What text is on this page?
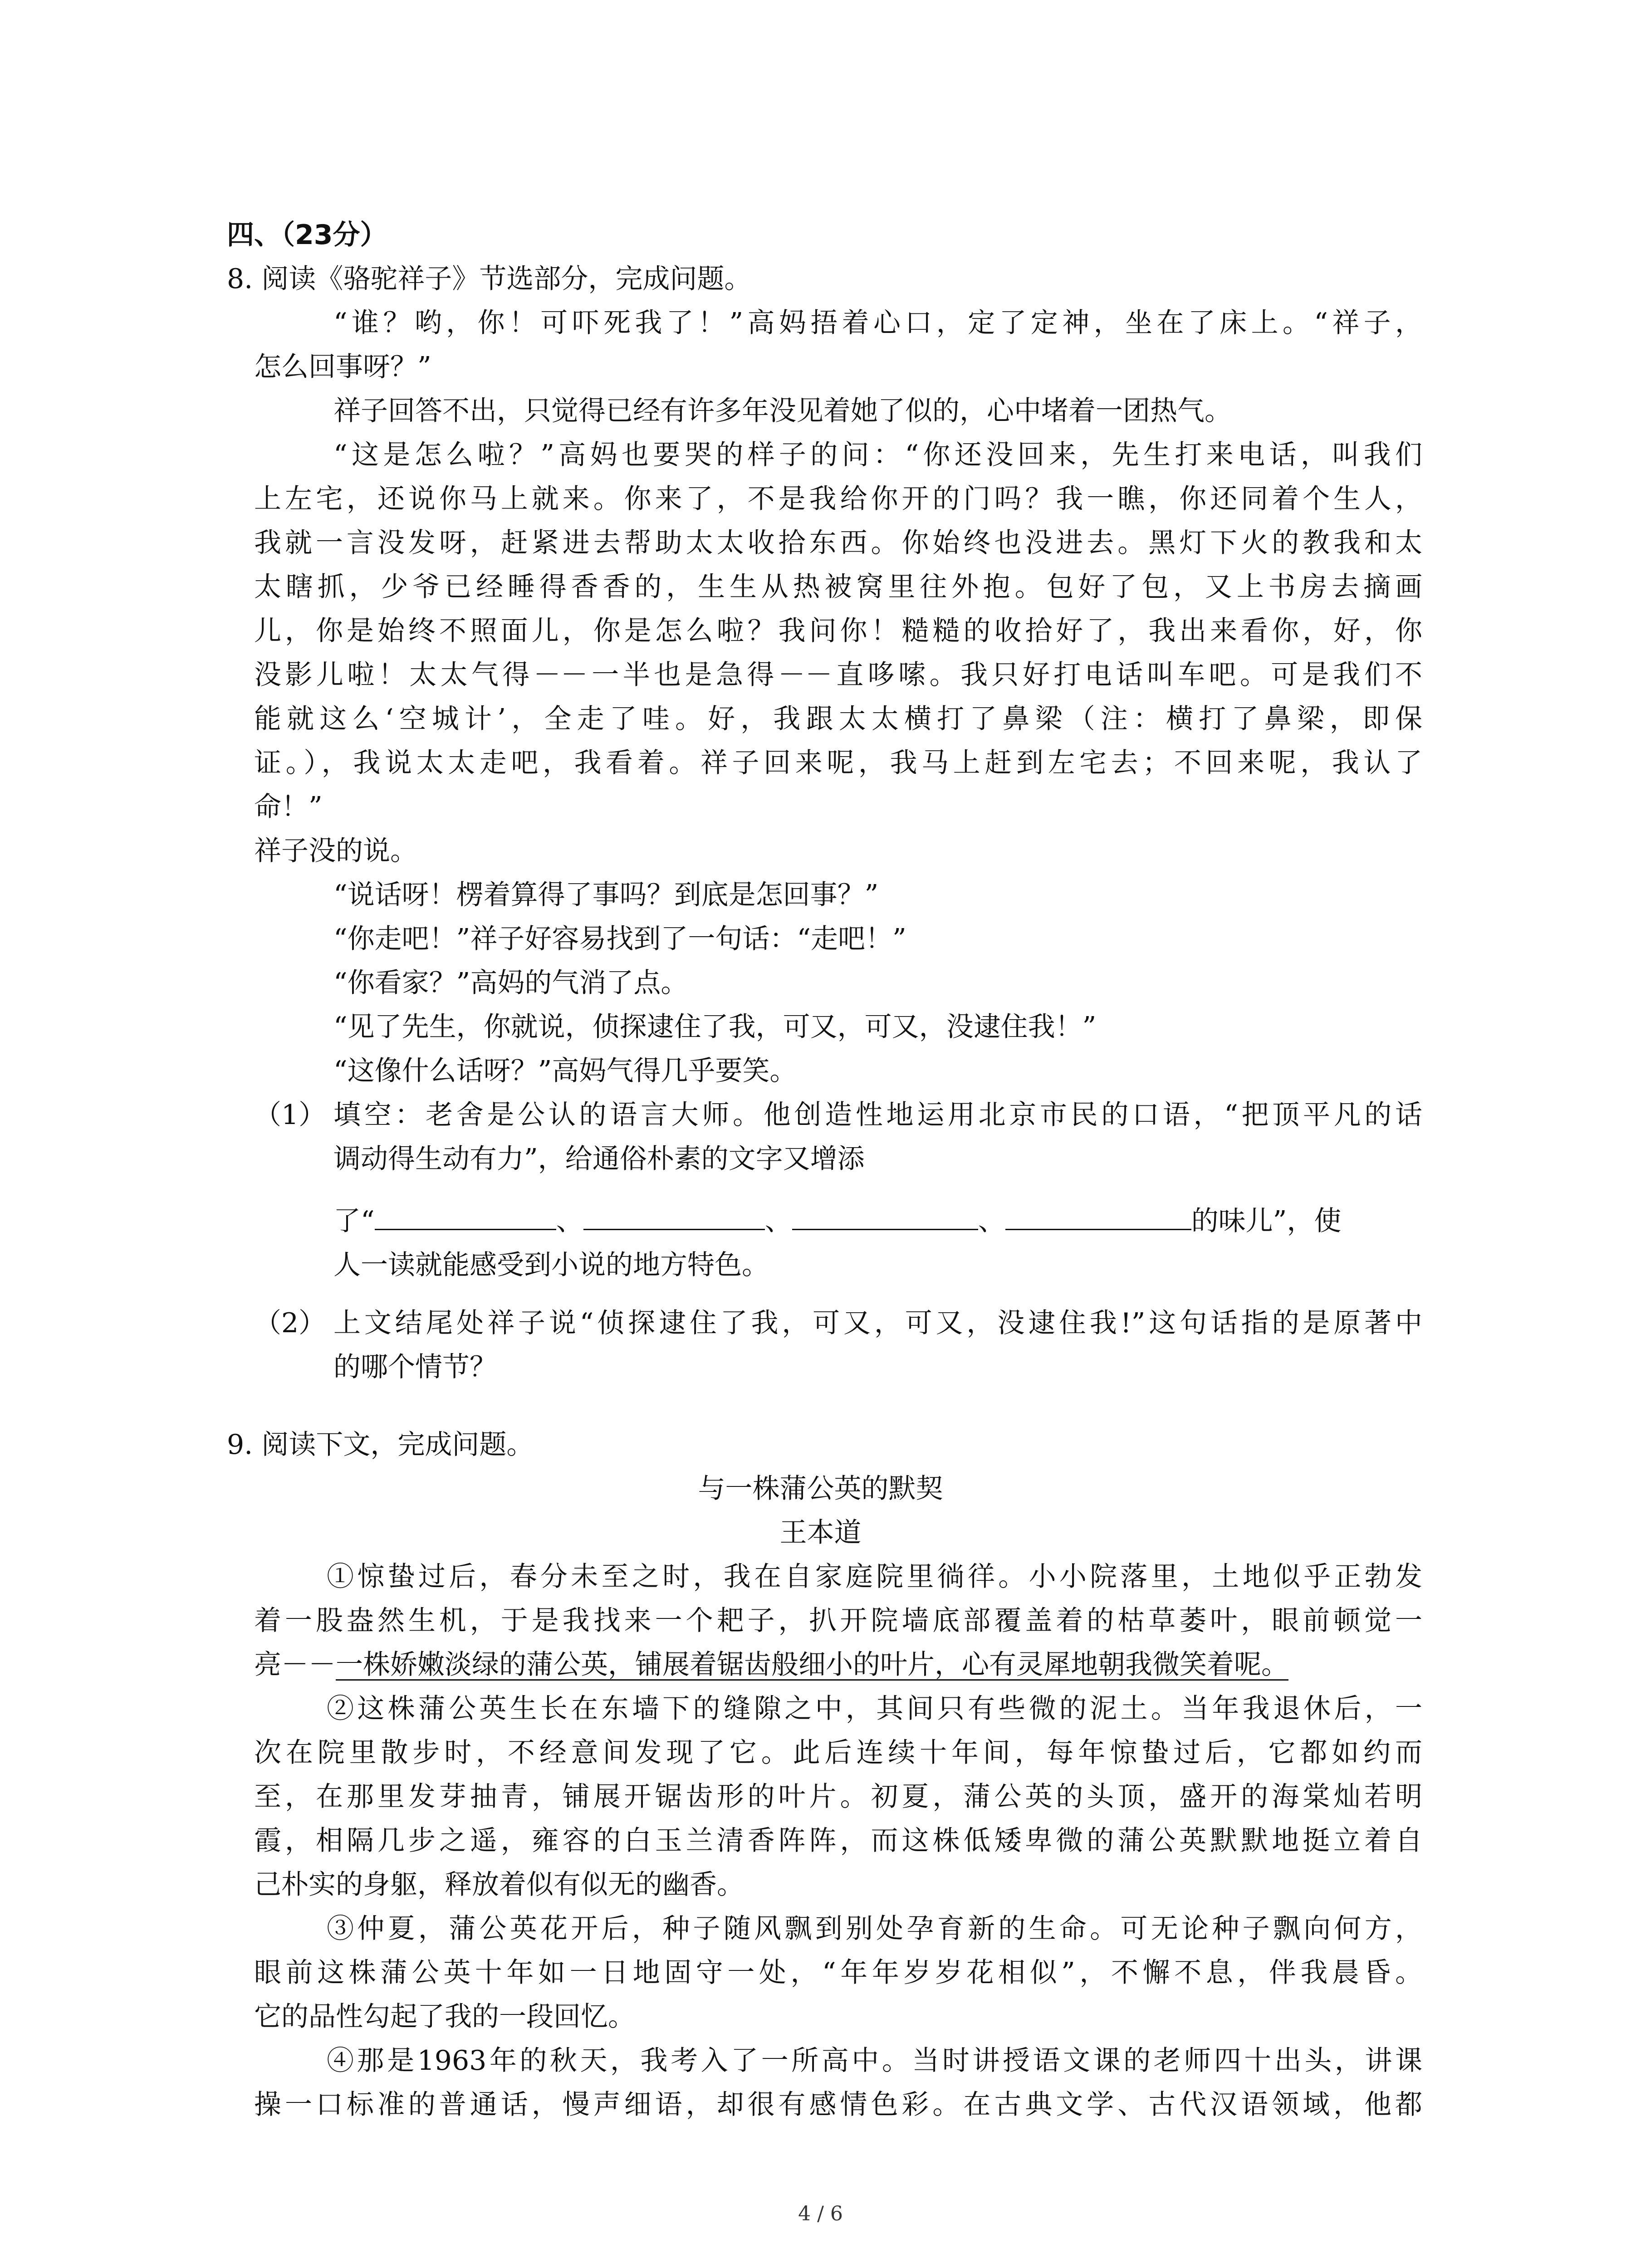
四、（23分）
8. 阅读《骆驼祥子》节选部分，完成问题。
“谁？哟，你！可吓死我了！”高妈捂着心口，定了定神，坐在了床上。“祥子，
怎么回事呀？”
祥子回答不出，只觉得已经有许多年没见着她了似的，心中堵着一团热气。
“这是怎么啦？”高妈也要哭的样子的问：“你还没回来，先生打来电话，叫我们
上左宅，还说你马上就来。你来了，不是我给你开的门吗？我一瞧，你还同着个生人，
我就一言没发呀，赶紧进去帮助太太收拾东西。你始终也没进去。黑灯下火的教我和太
太瞎抓，少爷已经睡得香香的，生生从热被窝里往外抱。包好了包，又上书房去摘画
儿，你是始终不照面儿，你是怎么啦？我问你！糙糙的收拾好了，我出来看你，好，你
没影儿啦！太太气得－－一半也是急得－－直哆嗦。我只好打电话叫车吧。可是我们不
能就这么‘空城计’，全走了哇。好，我跟太太横打了鼻梁（注：横打了鼻梁，即保
证。），我说太太走吧，我看着。祥子回来呢，我马上赶到左宅去；不回来呢，我认了
命！”
祥子没的说。
“说话呀！楞着算得了事吗？到底是怎回事？”
“你走吧！”祥子好容易找到了一句话：“走吧！”
“你看家？”高妈的气消了点。
“见了先生，你就说，侦探逮住了我，可又，可又，没逮住我！”
“这像什么话呀？”高妈气得几乎要笑。
（1） 填空：老舍是公认的语言大师。他创造性地运用北京市民的口语，“把顶平凡的话
调动得生动有力”，给通俗朴素的文字又增添
了“	、	、	、	的味儿”，使
人一读就能感受到小说的地方特色。
（2） 上文结尾处祥子说“侦探逮住了我，可又，可又，没逮住我!”这句话指的是原著中
的哪个情节？
9. 阅读下文，完成问题。
与一株蒲公英的默契
王本道
①惊蛰过后，春分未至之时，我在自家庭院里徜徉。小小院落里，土地似乎正勃发
着一股盎然生机，于是我找来一个耙子，扒开院墙底部覆盖着的枯草萎叶，眼前顿觉一
亮－－一株娇嫩淡绿的蒲公英，铺展着锯齿般细小的叶片，心有灵犀地朝我微笑着呢。
②这株蒲公英生长在东墙下的缝隙之中，其间只有些微的泥土。当年我退休后，一
次在院里散步时，不经意间发现了它。此后连续十年间，每年惊蛰过后，它都如约而
至，在那里发芽抽青，铺展开锯齿形的叶片。初夏，蒲公英的头顶，盛开的海棠灿若明
霞，相隔几步之遥，雍容的白玉兰清香阵阵，而这株低矮卑微的蒲公英默默地挺立着自
己朴实的身躯，释放着似有似无的幽香。
③仲夏，蒲公英花开后，种子随风飘到别处孕育新的生命。可无论种子飘向何方，
眼前这株蒲公英十年如一日地固守一处，“年年岁岁花相似”，不懈不息，伴我晨昏。
它的品性勾起了我的一段回忆。
④那是1963年的秋天，我考入了一所高中。当时讲授语文课的老师四十出头，讲课
操一口标准的普通话，慢声细语，却很有感情色彩。在古典文学、古代汉语领域，他都
4 / 6
